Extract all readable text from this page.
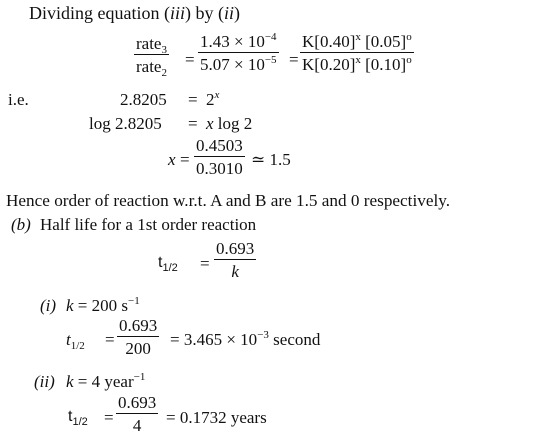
Dividing equation (iii) by (ii)
rate$_3$
rate$_2$
=
$1.43 \times 10^{-4}$
$5.07 \times 10^{-5}$ =
$K[0.40]^x$ $[0.05]^o$
$K[0.20]^x$ $[0.10]^o$
i.e.	$2.8205 = 2^x$
log 2.8205 = x log 2
x =
0.4503
0.3010 ≃ 1.5
Hence order of reaction w.r.t. A and B are 1.5 and 0 respectively.
(b) Half life for a 1st order reaction
$t_{1/2}$ =
0.693
k
(i) k = 200 $s^{-1}$
$t_{1/2}$ =
0.693
$200 = 3.465 \times 10^{-3}$ second
(ii) k = 4 year$^{-1}$
$t_{1/2}$ =
0.693
4 = 0.1732 years
